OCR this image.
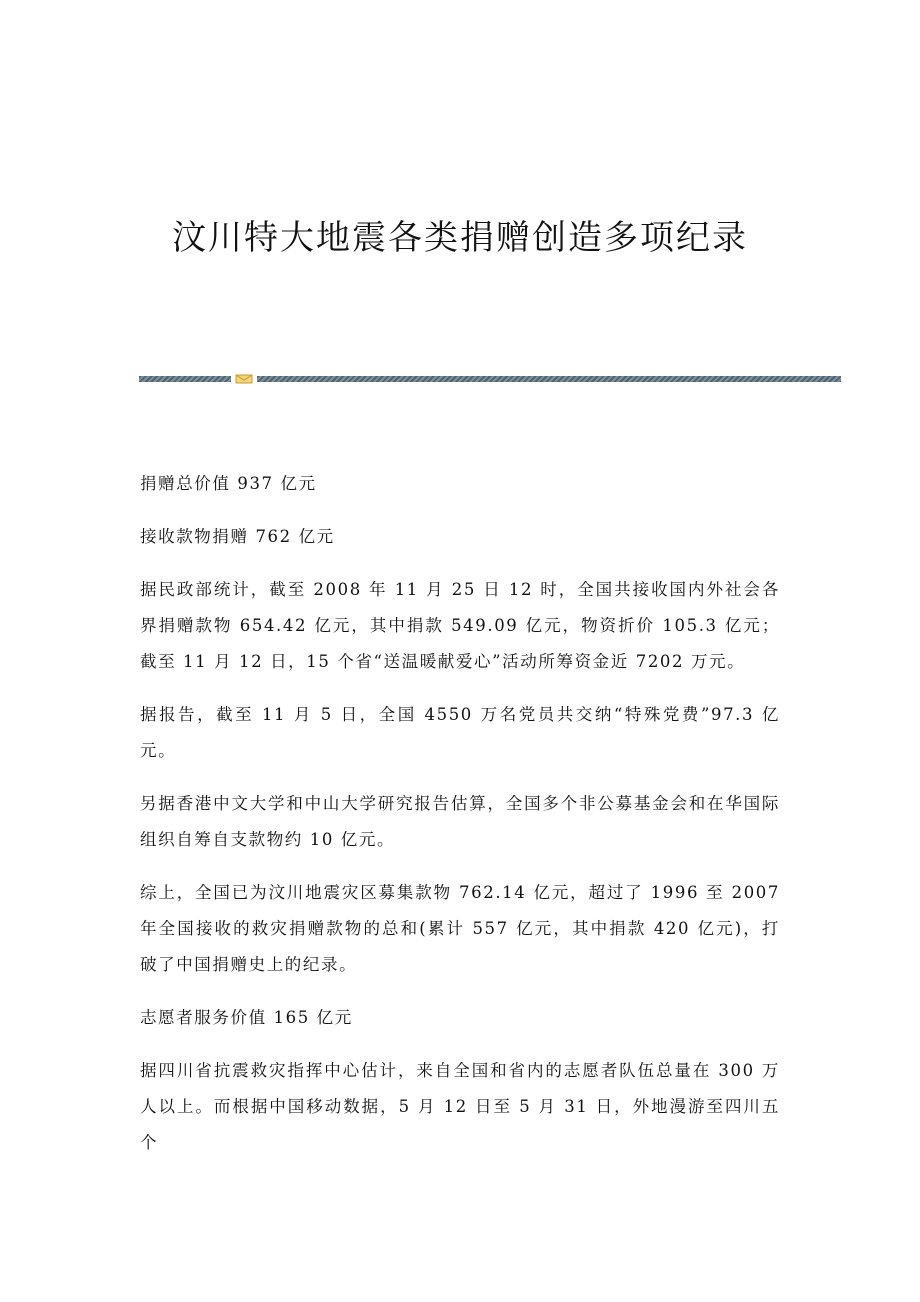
汶川特大地震各类捐赠创造多项纪录

捐赠总价值 937 亿元

接收款物捐赠 762 亿元

据民政部统计，截至 2008 年 11 月 25 日 12 时，全国共接收国内外社会各界捐赠款物 654.42 亿元，其中捐款 549.09 亿元，物资折价 105.3 亿元；截至 11 月 12 日，15 个省“送温暖献爱心”活动所筹资金近 7202 万元。

据报告，截至 11 月 5 日，全国 4550 万名党员共交纳“特殊党费”97.3 亿元。

另据香港中文大学和中山大学研究报告估算，全国多个非公募基金会和在华国际组织自筹自支款物约 10 亿元。

综上，全国已为汶川地震灾区募集款物 762.14 亿元，超过了 1996 至 2007 年全国接收的救灾捐赠款物的总和(累计 557 亿元，其中捐款 420 亿元)，打破了中国捐赠史上的纪录。

志愿者服务价值 165 亿元

据四川省抗震救灾指挥中心估计，来自全国和省内的志愿者队伍总量在 300 万人以上。而根据中国移动数据，5 月 12 日至 5 月 31 日，外地漫游至四川五个
